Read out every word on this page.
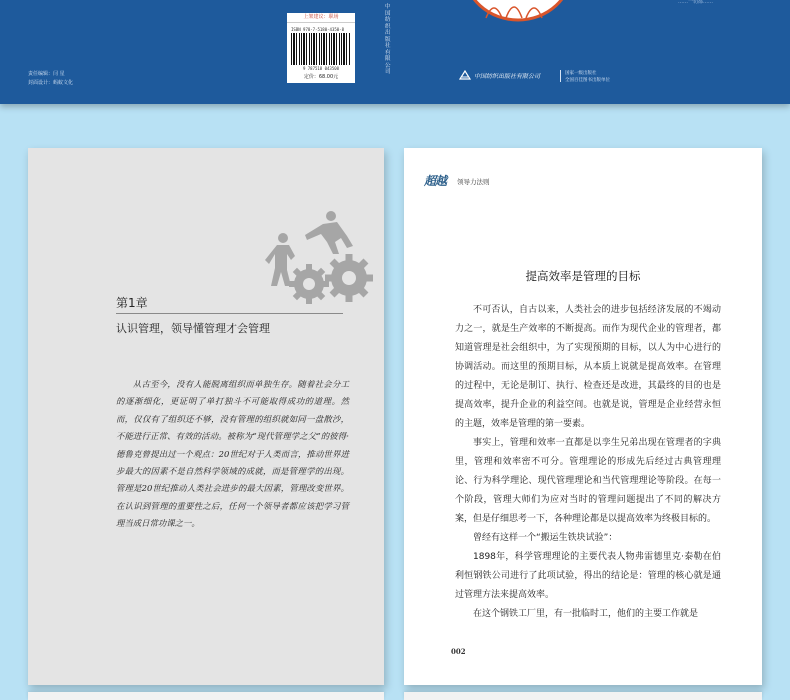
……一切都……
责任编辑：闫 星
封面设计：蚂蚁文化
上架建议：职场
ISBN 978-7-5180-4350-8
9 787518 043508
定价：68.00元
中国纺织出版社有限公司
中国纺织出版社有限公司	国家一级出版社
全国百佳图书出版单位
第1章
认识管理，领导懂管理才会管理

从古至今，没有人能脱离组织而单独生存。随着社会分工的逐渐细化，更证明了单打独斗不可能取得成功的道理。然而，仅仅有了组织还不够，没有管理的组织就如同一盘散沙，不能进行正常、有效的活动。被称为“现代管理学之父”的彼得·德鲁克曾提出过一个观点：20世纪对于人类而言，推动世界进步最大的因素不是自然科学领域的成就，而是管理学的出现。管理是20世纪推动人类社会进步的最大因素，管理改变世界。在认识到管理的重要性之后，任何一个领导者都应该把学习管理当成日常功课之一。

超越 领导力法则
提高效率是管理的目标

不可否认，自古以来，人类社会的进步包括经济发展的不竭动力之一，就是生产效率的不断提高。而作为现代企业的管理者，都知道管理是社会组织中，为了实现预期的目标，以人为中心进行的协调活动。而这里的预期目标，从本质上说就是提高效率。在管理的过程中，无论是制订、执行、检查还是改进，其最终的目的也是提高效率，提升企业的利益空间。也就是说，管理是企业经营永恒的主题，效率是管理的第一要素。

事实上，管理和效率一直都是以孪生兄弟出现在管理者的字典里，管理和效率密不可分。管理理论的形成先后经过古典管理理论、行为科学理论、现代管理理论和当代管理理论等阶段。在每一个阶段，管理大师们为应对当时的管理问题提出了不同的解决方案，但是仔细思考一下，各种理论都是以提高效率为终极目标的。

曾经有这样一个“搬运生铁块试验”：

1898年，科学管理理论的主要代表人物弗雷德里克·泰勒在伯利恒钢铁公司进行了此项试验，得出的结论是：管理的核心就是通过管理方法来提高效率。

在这个钢铁工厂里，有一批临时工，他们的主要工作就是

002
